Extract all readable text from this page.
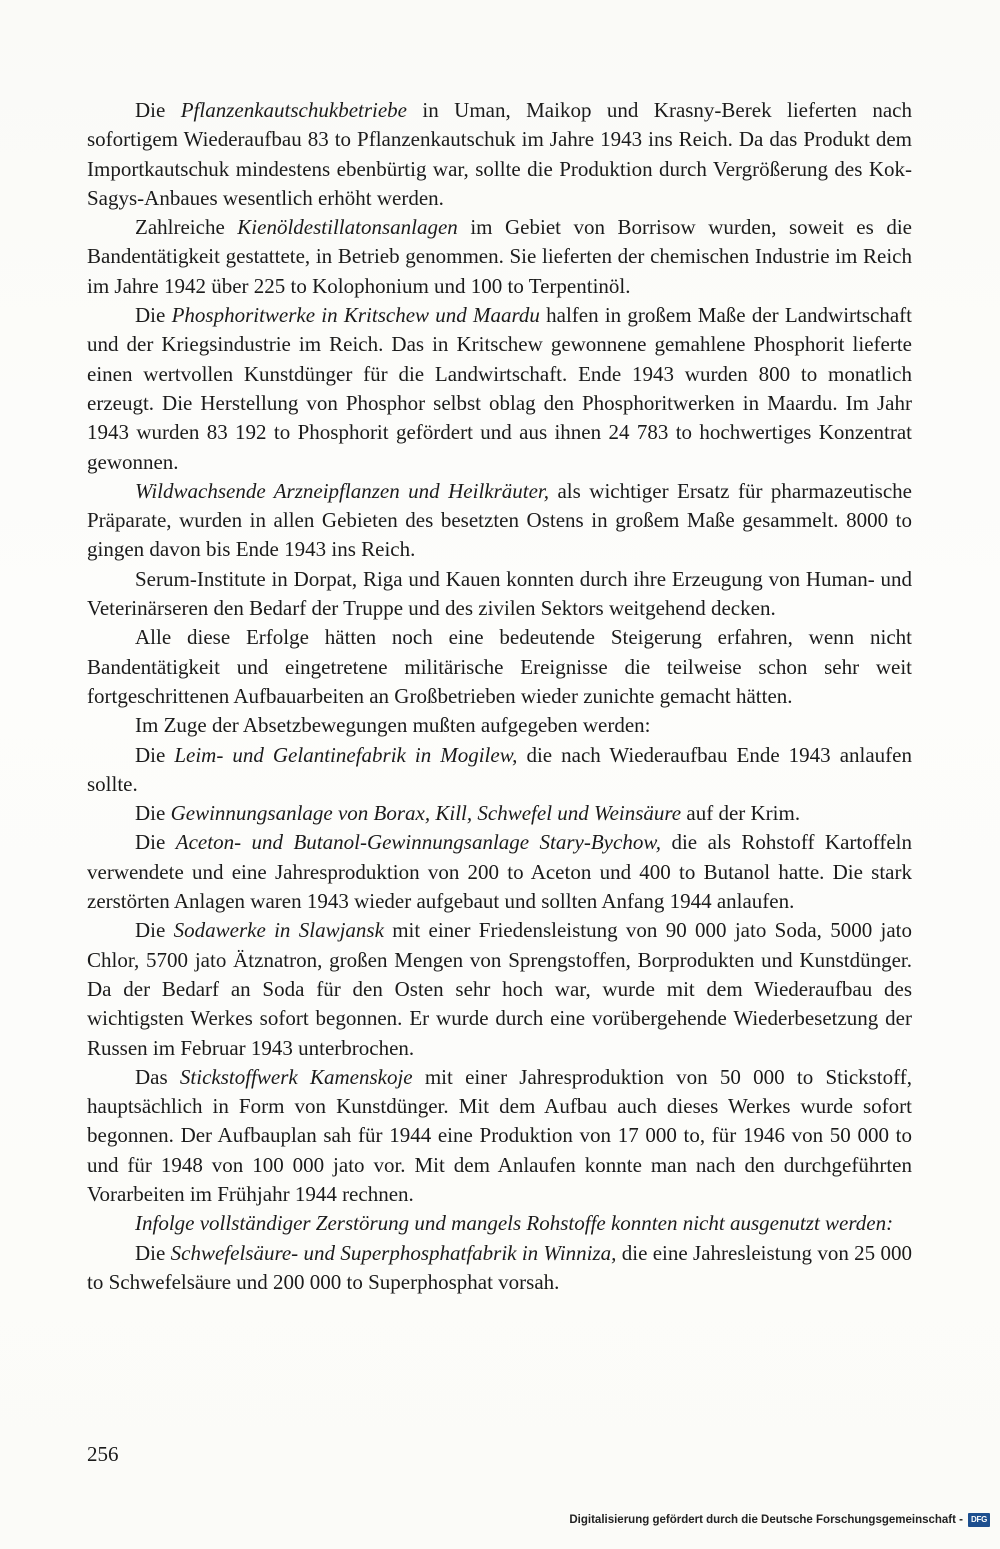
Die Pflanzenkautschukbetriebe in Uman, Maikop und Krasny-Berek lieferten nach sofortigem Wiederaufbau 83 to Pflanzenkautschuk im Jahre 1943 ins Reich. Da das Produkt dem Importkautschuk mindestens ebenbürtig war, sollte die Produktion durch Vergrößerung des Kok-Sagys-Anbaues wesentlich erhöht werden.

Zahlreiche Kienöldestillatonsanlagen im Gebiet von Borrisow wurden, soweit es die Bandentätigkeit gestattete, in Betrieb genommen. Sie lieferten der chemischen Industrie im Reich im Jahre 1942 über 225 to Kolophonium und 100 to Terpentinöl.

Die Phosphoritwerke in Kritschew und Maardu halfen in großem Maße der Landwirtschaft und der Kriegsindustrie im Reich. Das in Kritschew gewonnene gemahlene Phosphorit lieferte einen wertvollen Kunstdünger für die Landwirtschaft. Ende 1943 wurden 800 to monatlich erzeugt. Die Herstellung von Phosphor selbst oblag den Phosphoritwerken in Maardu. Im Jahr 1943 wurden 83 192 to Phosphorit gefördert und aus ihnen 24 783 to hochwertiges Konzentrat gewonnen.

Wildwachsende Arzneipflanzen und Heilkräuter, als wichtiger Ersatz für pharmazeutische Präparate, wurden in allen Gebieten des besetzten Ostens in großem Maße gesammelt. 8000 to gingen davon bis Ende 1943 ins Reich.

Serum-Institute in Dorpat, Riga und Kauen konnten durch ihre Erzeugung von Human- und Veterinärseren den Bedarf der Truppe und des zivilen Sektors weitgehend decken.

Alle diese Erfolge hätten noch eine bedeutende Steigerung erfahren, wenn nicht Bandentätigkeit und eingetretene militärische Ereignisse die teilweise schon sehr weit fortgeschrittenen Aufbauarbeiten an Großbetrieben wieder zunichte gemacht hätten.

Im Zuge der Absetzbewegungen mußten aufgegeben werden:

Die Leim- und Gelantinefabrik in Mogilew, die nach Wiederaufbau Ende 1943 anlaufen sollte.

Die Gewinnungsanlage von Borax, Kill, Schwefel und Weinsäure auf der Krim.

Die Aceton- und Butanol-Gewinnungsanlage Stary-Bychow, die als Rohstoff Kartoffeln verwendete und eine Jahresproduktion von 200 to Aceton und 400 to Butanol hatte. Die stark zerstörten Anlagen waren 1943 wieder aufgebaut und sollten Anfang 1944 anlaufen.

Die Sodawerke in Slawjansk mit einer Friedensleistung von 90 000 jato Soda, 5000 jato Chlor, 5700 jato Ätznatron, großen Mengen von Sprengstoffen, Borprodukten und Kunstdünger. Da der Bedarf an Soda für den Osten sehr hoch war, wurde mit dem Wiederaufbau des wichtigsten Werkes sofort begonnen. Er wurde durch eine vorübergehende Wiederbesetzung der Russen im Februar 1943 unterbrochen.

Das Stickstoffwerk Kamenskoje mit einer Jahresproduktion von 50 000 to Stickstoff, hauptsächlich in Form von Kunstdünger. Mit dem Aufbau auch dieses Werkes wurde sofort begonnen. Der Aufbauplan sah für 1944 eine Produktion von 17 000 to, für 1946 von 50 000 to und für 1948 von 100 000 jato vor. Mit dem Anlaufen konnte man nach den durchgeführten Vorarbeiten im Frühjahr 1944 rechnen.

Infolge vollständiger Zerstörung und mangels Rohstoffe konnten nicht ausgenutzt werden:

Die Schwefelsäure- und Superphosphatfabrik in Winniza, die eine Jahresleistung von 25 000 to Schwefelsäure und 200 000 to Superphosphat vorsah.

256
Digitalisierung gefördert durch die Deutsche Forschungsgemeinschaft -	DFG
